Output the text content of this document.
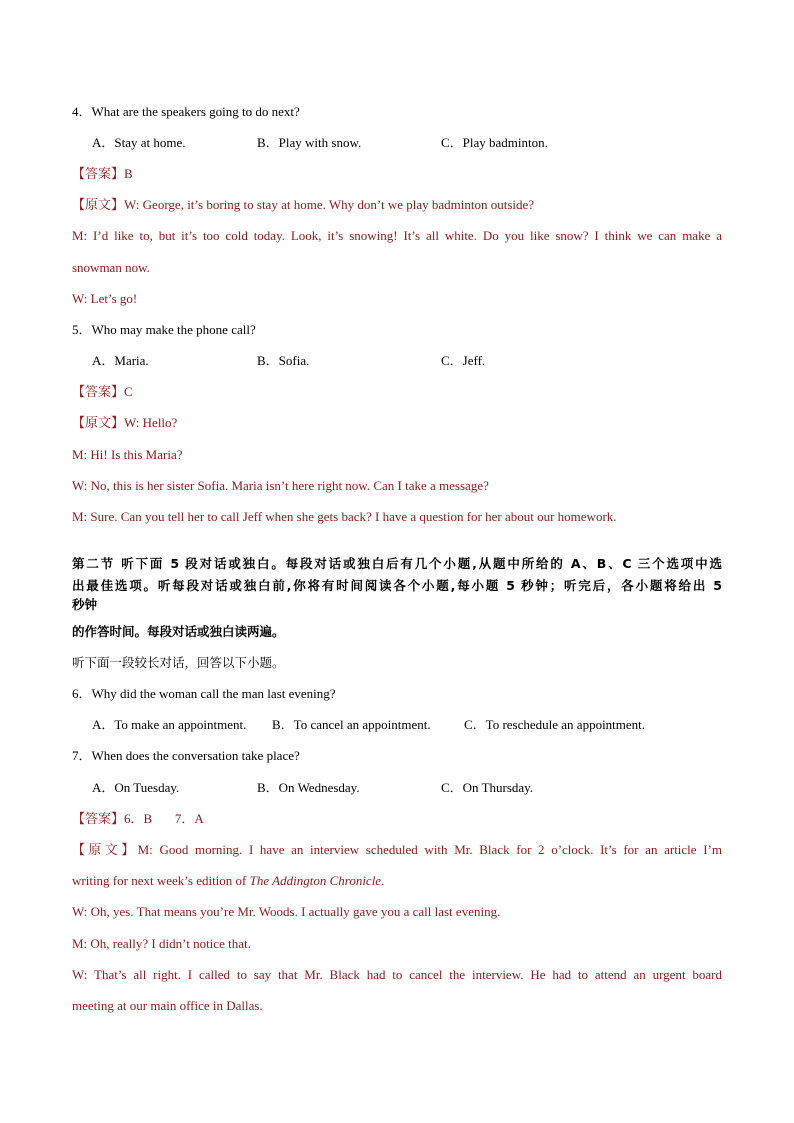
4．What are the speakers going to do next?
A．Stay at home.	B．Play with snow.	C．Play badminton.
【答案】B
【原文】W: George, it’s boring to stay at home. Why don’t we play badminton outside?
M: I’d like to, but it’s too cold today. Look, it’s snowing! It’s all white. Do you like snow? I think we can make a
snowman now.
W: Let’s go!
5．Who may make the phone call?
A．Maria.	B．Sofia.	C．Jeff.
【答案】C
【原文】W: Hello?
M: Hi! Is this Maria?
W: No, this is her sister Sofia. Maria isn’t here right now. Can I take a message?
M: Sure. Can you tell her to call Jeff when she gets back? I have a question for her about our homework.
第二节 听下面 5 段对话或独白。每段对话或独白后有几个小题,从题中所给的 A、B、C 三个选项中选
出最佳选项。听每段对话或独白前,你将有时间阅读各个小题,每小题 5 秒钟；听完后，各小题将给出 5
秒钟
的作答时间。每段对话或独白读两遍。
听下面一段较长对话，回答以下小题。
6．Why did the woman call the man last evening?
A．To make an appointment. B．To cancel an appointment.	C．To reschedule an appointment.
7．When does the conversation take place?
A．On Tuesday.	B．On Wednesday.	C．On Thursday.
【答案】6．B       7．A
【原文】M: Good morning. I have an interview scheduled with Mr. Black for 2 o’clock. It’s for an article I’m
writing for next week’s edition of The Addington Chronicle.
W: Oh, yes. That means you’re Mr. Woods. I actually gave you a call last evening.
M: Oh, really? I didn’t notice that.
W: That’s all right. I called to say that Mr. Black had to cancel the interview. He had to attend an urgent board
meeting at our main office in Dallas.
